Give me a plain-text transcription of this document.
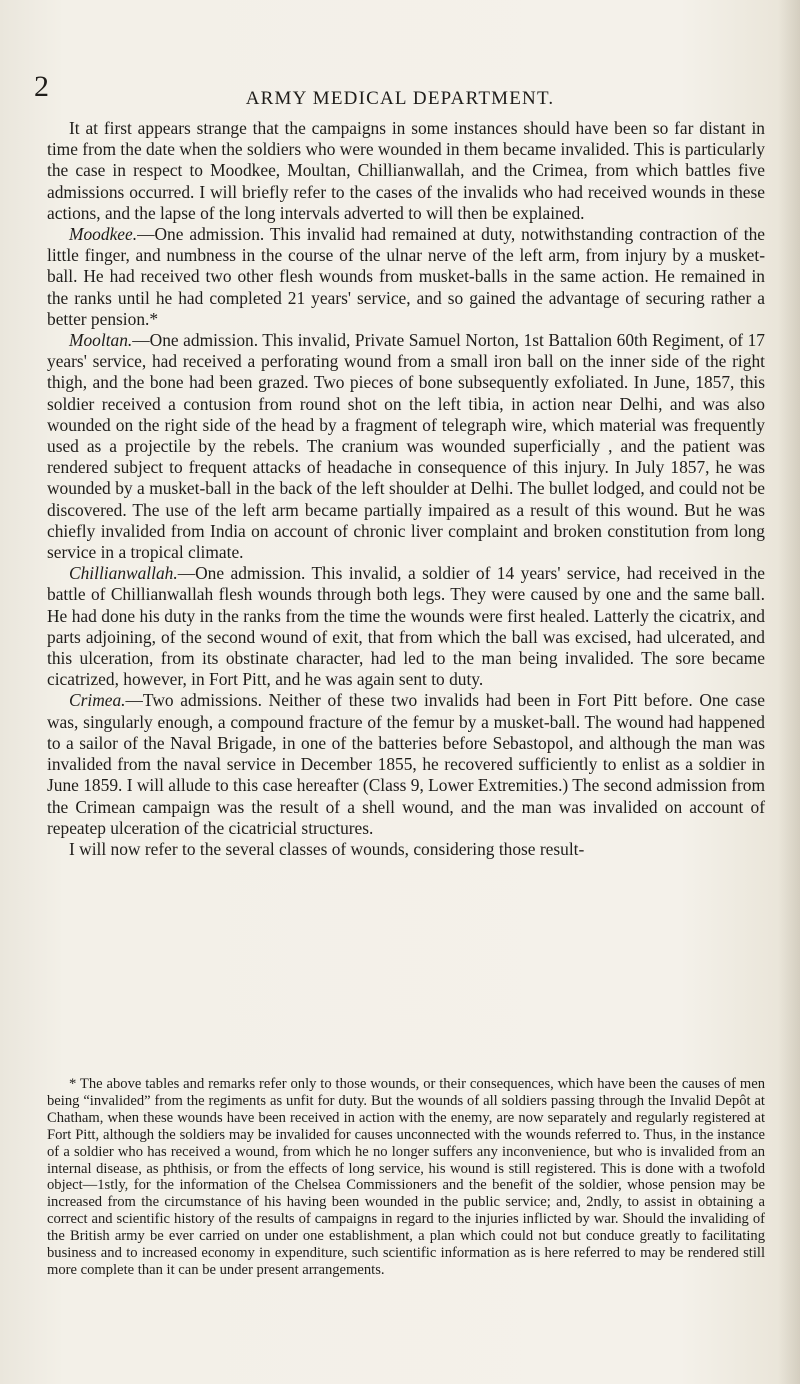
2	ARMY MEDICAL DEPARTMENT.

It at first appears strange that the campaigns in some instances should have been so far distant in time from the date when the soldiers who were wounded in them became invalided. This is particularly the case in respect to Moodkee, Moultan, Chillianwallah, and the Crimea, from which battles five admissions occurred. I will briefly refer to the cases of the invalids who had received wounds in these actions, and the lapse of the long intervals adverted to will then be explained.

Moodkee.—One admission. This invalid had remained at duty, notwithstanding contraction of the little finger, and numbness in the course of the ulnar nerve of the left arm, from injury by a musket-ball. He had received two other flesh wounds from musket-balls in the same action. He remained in the ranks until he had completed 21 years' service, and so gained the advantage of securing rather a better pension.*

Mooltan.—One admission. This invalid, Private Samuel Norton, 1st Battalion 60th Regiment, of 17 years' service, had received a perforating wound from a small iron ball on the inner side of the right thigh, and the bone had been grazed. Two pieces of bone subsequently exfoliated. In June, 1857, this soldier received a contusion from round shot on the left tibia, in action near Delhi, and was also wounded on the right side of the head by a fragment of telegraph wire, which material was frequently used as a projectile by the rebels. The cranium was wounded superficially , and the patient was rendered subject to frequent attacks of headache in consequence of this injury. In July 1857, he was wounded by a musket-ball in the back of the left shoulder at Delhi. The bullet lodged, and could not be discovered. The use of the left arm became partially impaired as a result of this wound. But he was chiefly invalided from India on account of chronic liver complaint and broken constitution from long service in a tropical climate.

Chillianwallah.—One admission. This invalid, a soldier of 14 years' service, had received in the battle of Chillianwallah flesh wounds through both legs. They were caused by one and the same ball. He had done his duty in the ranks from the time the wounds were first healed. Latterly the cicatrix, and parts adjoining, of the second wound of exit, that from which the ball was excised, had ulcerated, and this ulceration, from its obstinate character, had led to the man being invalided. The sore became cicatrized, however, in Fort Pitt, and he was again sent to duty.

Crimea.—Two admissions. Neither of these two invalids had been in Fort Pitt before. One case was, singularly enough, a compound fracture of the femur by a musket-ball. The wound had happened to a sailor of the Naval Brigade, in one of the batteries before Sebastopol, and although the man was invalided from the naval service in December 1855, he recovered sufficiently to enlist as a soldier in June 1859. I will allude to this case hereafter (Class 9, Lower Extremities.) The second admission from the Crimean campaign was the result of a shell wound, and the man was invalided on account of repeatep ulceration of the cicatricial structures.

I will now refer to the several classes of wounds, considering those result-

* The above tables and remarks refer only to those wounds, or their consequences, which have been the causes of men being “invalided” from the regiments as unfit for duty. But the wounds of all soldiers passing through the Invalid Depôt at Chatham, when these wounds have been received in action with the enemy, are now separately and regularly registered at Fort Pitt, although the soldiers may be invalided for causes unconnected with the wounds referred to. Thus, in the instance of a soldier who has received a wound, from which he no longer suffers any inconvenience, but who is invalided from an internal disease, as phthisis, or from the effects of long service, his wound is still registered. This is done with a twofold object—1stly, for the information of the Chelsea Commissioners and the benefit of the soldier, whose pension may be increased from the circumstance of his having been wounded in the public service; and, 2ndly, to assist in obtaining a correct and scientific history of the results of campaigns in regard to the injuries inflicted by war. Should the invaliding of the British army be ever carried on under one establishment, a plan which could not but conduce greatly to facilitating business and to increased economy in expenditure, such scientific information as is here referred to may be rendered still more complete than it can be under present arrangements.
